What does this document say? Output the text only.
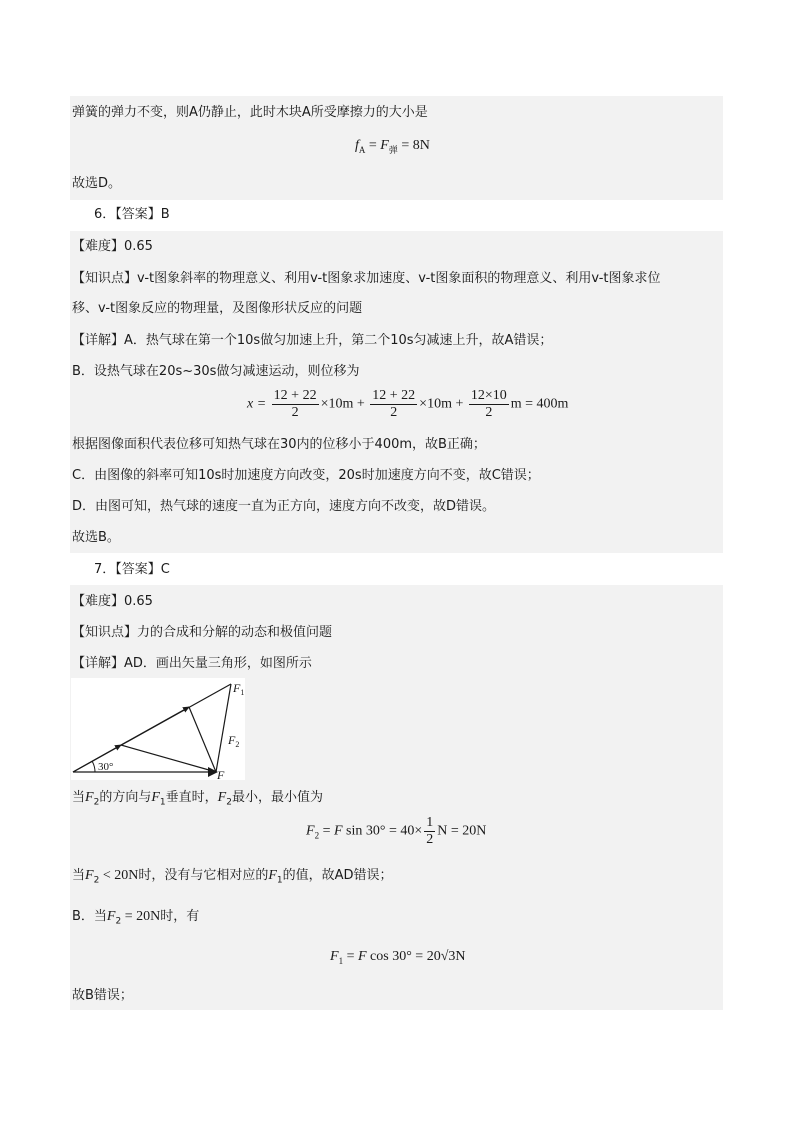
弹簧的弹力不变，则A仍静止，此时木块A所受摩擦力的大小是
$f_A = F_弹 = 8N$
故选D。
6．【答案】B
【难度】0.65
【知识点】v-t图象斜率的物理意义、利用v-t图象求加速度、v-t图象面积的物理意义、利用v-t图象求位
移、v-t图象反应的物理量，及图像形状反应的问题
【详解】A．热气球在第一个10s做匀加速上升，第二个10s匀减速上升，故A错误；
B．设热气球在20s~30s做匀减速运动，则位移为
$x = \frac{12 + 22}{2} \times 10m + \frac{12 + 22}{2} \times 10m + \frac{12\times 10}{2}$ m = 400m
根据图像面积代表位移可知热气球在30内的位移小于400m，故B正确；
C．由图像的斜率可知10s时加速度方向改变，20s时加速度方向不变，故C错误；
D．由图可知，热气球的速度一直为正方向，速度方向不改变，故D错误。
故选B。
7．【答案】C
【难度】0.65
【知识点】力的合成和分解的动态和极值问题
【详解】AD．画出矢量三角形，如图所示
30°
$F_1$
$F_2$
F
当$F_2$的方向与$F_1$垂直时，$F_2$最小，最小值为
$F_2 = F$ $\sin 30^\circ = 40\times \frac{1}{2}$ N = 20N
当$F_2 < 20N$时，没有与它相对应的$F_1$的值，故AD错误；
B．当$F_2 = 20N$时，有
$F_1 = F$ cos 30° = 20√3N
故B错误；
